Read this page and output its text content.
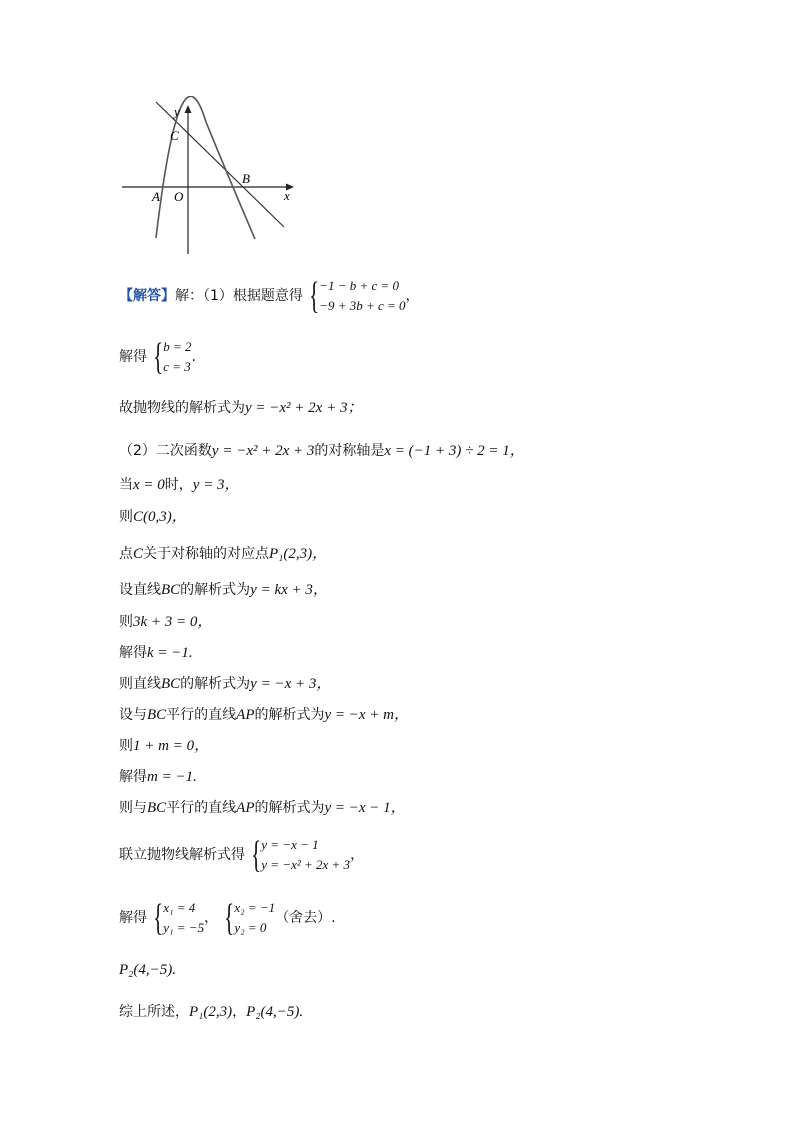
y
x
C
B
A O
【解答】解：（1）根据题意得 { −1 − b + c = 0
−9 + 3b + c = 0
，
解得 { b = 2
c = 3
.
故抛物线的解析式为y = −x² + 2x + 3；
（2）二次函数y = −x² + 2x + 3的对称轴是x = (−1 + 3) ÷ 2 = 1，
当x = 0时，y = 3，
则C(0,3)，
点C关于对称轴的对应点P₁(2,3)，
设直线BC的解析式为y = kx + 3，
则3k + 3 = 0，
解得k = −1.
则直线BC的解析式为y = −x + 3，
设与BC平行的直线AP的解析式为y = −x + m，
则1 + m = 0，
解得m = −1.
则与BC平行的直线AP的解析式为y = −x − 1，
联立抛物线解析式得 { y = −x − 1
y = −x² + 2x + 3
，
解得 { x₁ = 4
y₁ = −5
， { x₂ = −1
y₂ = 0
（舍去）.
P₂(4,−5).
综上所述，P₁(2,3)，P₂(4,−5).
